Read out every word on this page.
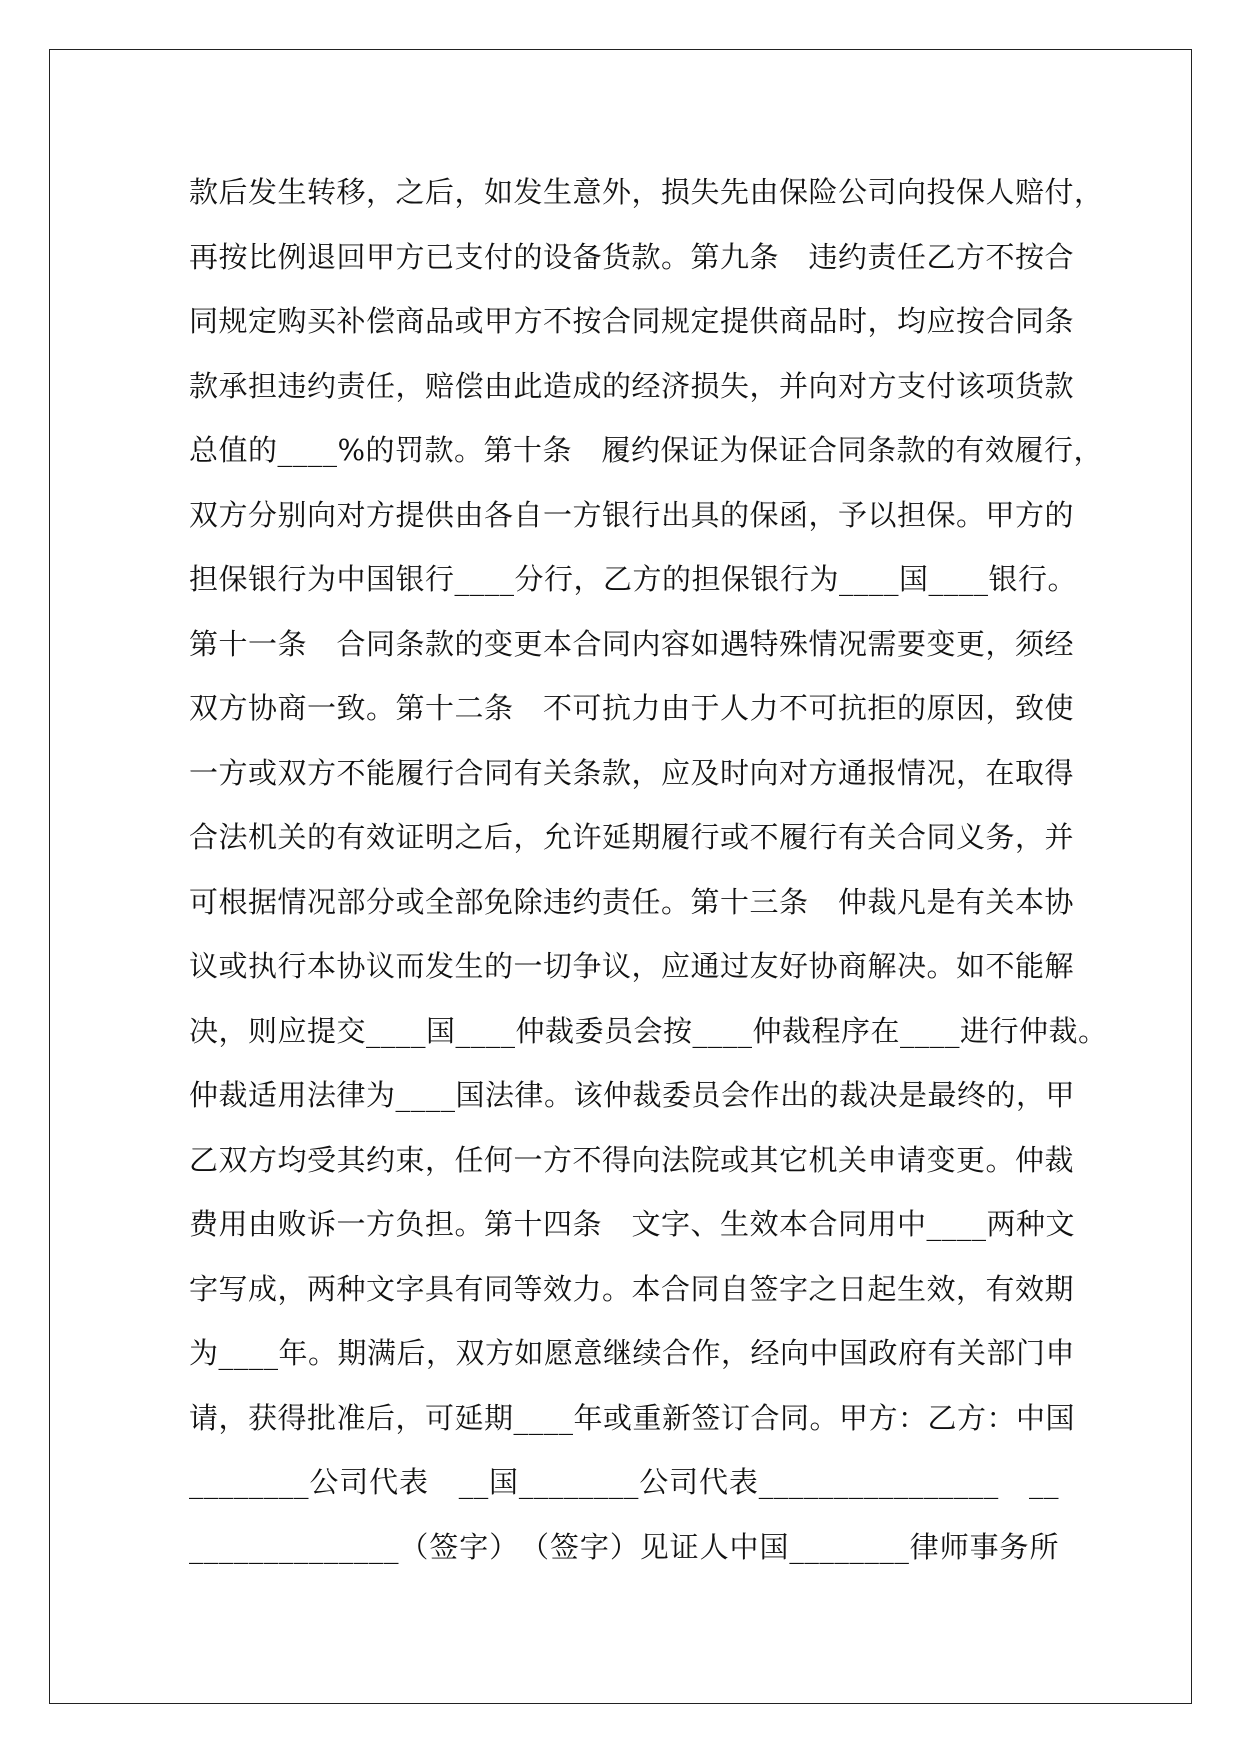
款后发生转移，之后，如发生意外，损失先由保险公司向投保人赔付，
再按比例退回甲方已支付的设备货款。第九条　违约责任乙方不按合
同规定购买补偿商品或甲方不按合同规定提供商品时，均应按合同条
款承担违约责任，赔偿由此造成的经济损失，并向对方支付该项货款
总值的____%的罚款。第十条　履约保证为保证合同条款的有效履行，
双方分别向对方提供由各自一方银行出具的保函，予以担保。甲方的
担保银行为中国银行____分行，乙方的担保银行为____国____银行。
第十一条　合同条款的变更本合同内容如遇特殊情况需要变更，须经
双方协商一致。第十二条　不可抗力由于人力不可抗拒的原因，致使
一方或双方不能履行合同有关条款，应及时向对方通报情况，在取得
合法机关的有效证明之后，允许延期履行或不履行有关合同义务，并
可根据情况部分或全部免除违约责任。第十三条　仲裁凡是有关本协
议或执行本协议而发生的一切争议，应通过友好协商解决。如不能解
决，则应提交____国____仲裁委员会按____仲裁程序在____进行仲裁。
仲裁适用法律为____国法律。该仲裁委员会作出的裁决是最终的，甲
乙双方均受其约束，任何一方不得向法院或其它机关申请变更。仲裁
费用由败诉一方负担。第十四条　文字、生效本合同用中____两种文
字写成，两种文字具有同等效力。本合同自签字之日起生效，有效期
为____年。期满后，双方如愿意继续合作，经向中国政府有关部门申
请，获得批准后，可延期____年或重新签订合同。甲方：乙方：中国
________公司代表　__国________公司代表________________　__
______________（签字）　（签字）见证人中国________律师事务所
